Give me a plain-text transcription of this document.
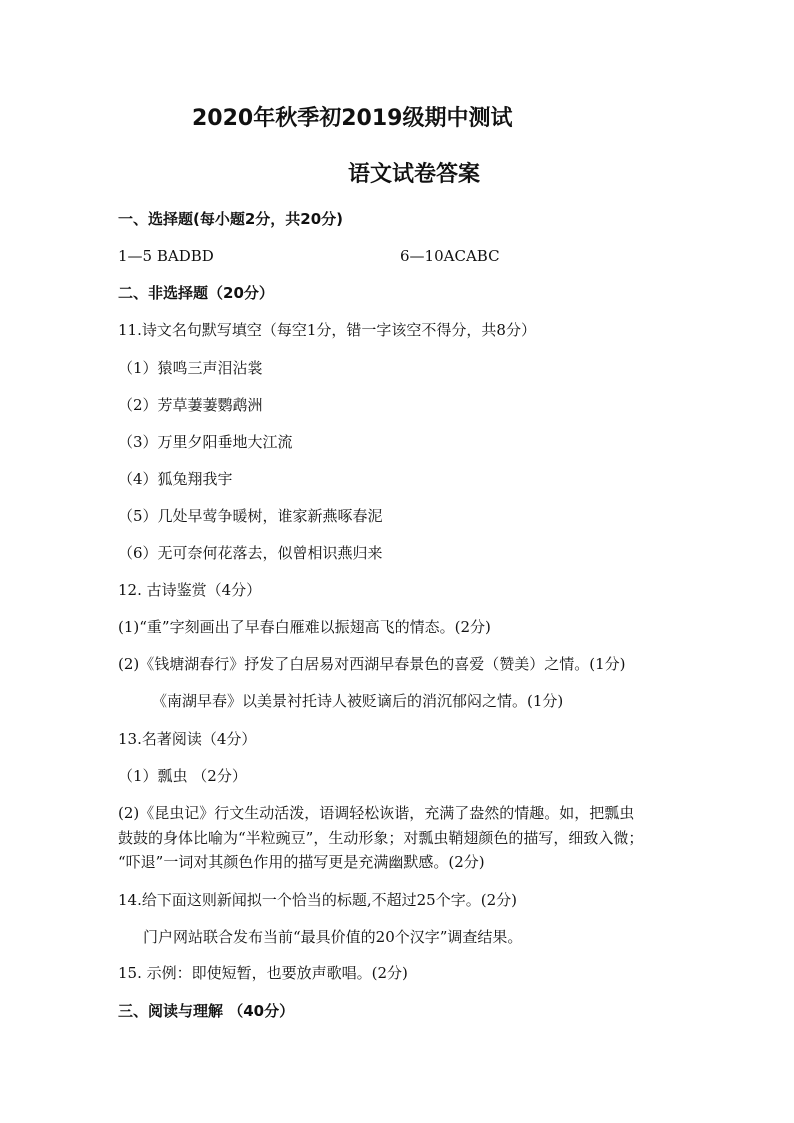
2020年秋季初2019级期中测试
语文试卷答案
一、选择题(每小题2分，共20分)
1—5 BADBD	6—10ACABC
二、非选择题（20分）
11.诗文名句默写填空（每空1分，错一字该空不得分，共8分）
（1）猿鸣三声泪沾裳
（2）芳草萋萋鹦鹉洲
（3）万里夕阳垂地大江流
（4）狐兔翔我宇
（5）几处早莺争暖树，谁家新燕啄春泥
（6）无可奈何花落去，似曾相识燕归来
12. 古诗鉴赏（4分）
(1)“重”字刻画出了早春白雁难以振翅高飞的情态。(2分)
(2)《钱塘湖春行》抒发了白居易对西湖早春景色的喜爱（赞美）之情。(1分)
《南湖早春》以美景衬托诗人被贬谪后的消沉郁闷之情。(1分)
13.名著阅读（4分）
（1）瓢虫 （2分）
(2)《昆虫记》行文生动活泼，语调轻松诙谐，充满了盎然的情趣。如，把瓢虫
鼓鼓的身体比喻为“半粒豌豆”，生动形象；对瓢虫鞘翅颜色的描写，细致入微；
“吓退”一词对其颜色作用的描写更是充满幽默感。(2分)
14.给下面这则新闻拟一个恰当的标题,不超过25个字。(2分)
门户网站联合发布当前“最具价值的20个汉字”调查结果。
15. 示例：即使短暂，也要放声歌唱。(2分)
三、阅读与理解 （40分）
